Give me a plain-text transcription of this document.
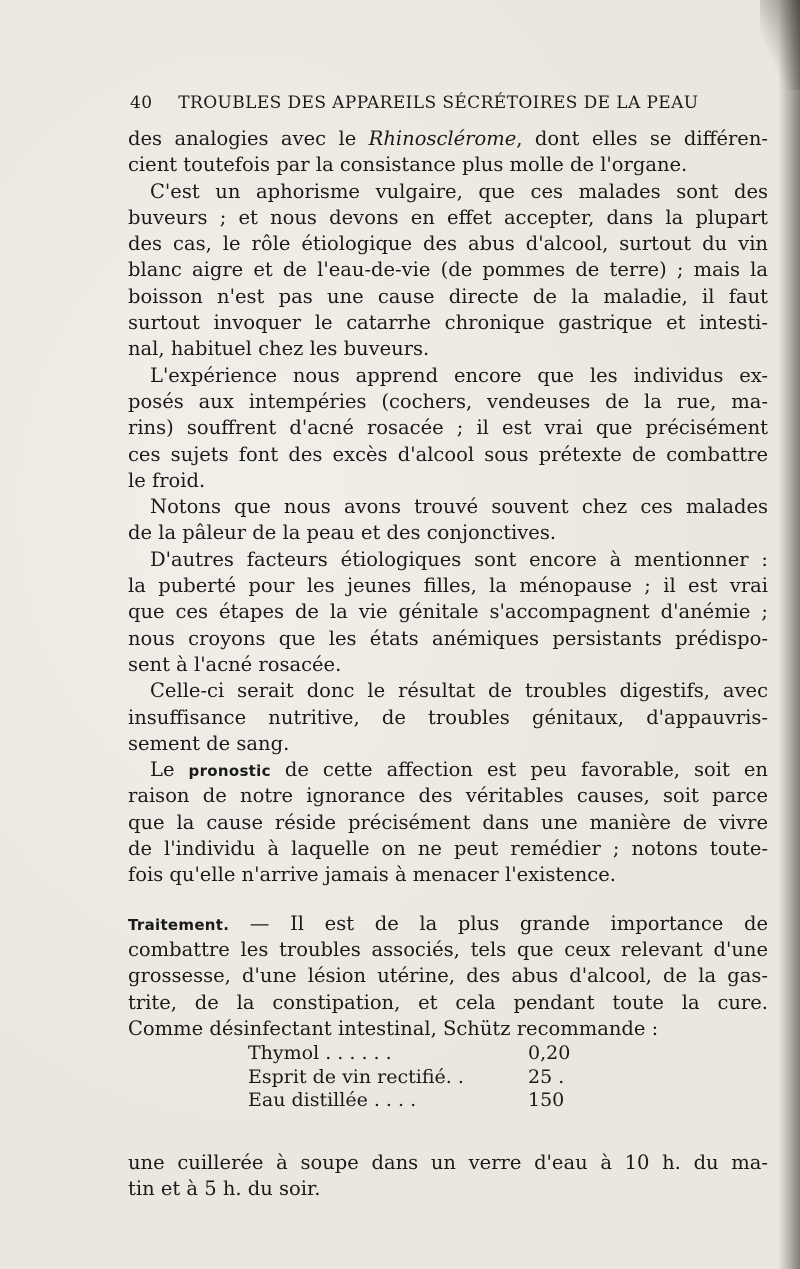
40 TROUBLES DES APPAREILS SÉCRÉTOIRES DE LA PEAU
des analogies avec le Rhinosclérome, dont elles se différen-
cient toutefois par la consistance plus molle de l'organe.
C'est un aphorisme vulgaire, que ces malades sont des
buveurs ; et nous devons en effet accepter, dans la plupart
des cas, le rôle étiologique des abus d'alcool, surtout du vin
blanc aigre et de l'eau-de-vie (de pommes de terre) ; mais la
boisson n'est pas une cause directe de la maladie, il faut
surtout invoquer le catarrhe chronique gastrique et intesti-
nal, habituel chez les buveurs.
L'expérience nous apprend encore que les individus ex-
posés aux intempéries (cochers, vendeuses de la rue, ma-
rins) souffrent d'acné rosacée ; il est vrai que précisément
ces sujets font des excès d'alcool sous prétexte de combattre
le froid.
Notons que nous avons trouvé souvent chez ces malades
de la pâleur de la peau et des conjonctives.
D'autres facteurs étiologiques sont encore à mentionner :
la puberté pour les jeunes filles, la ménopause ; il est vrai
que ces étapes de la vie génitale s'accompagnent d'anémie ;
nous croyons que les états anémiques persistants prédispo-
sent à l'acné rosacée.
Celle-ci serait donc le résultat de troubles digestifs, avec
insuffisance nutritive, de troubles génitaux, d'appauvris-
sement de sang.
Le pronostic de cette affection est peu favorable, soit en
raison de notre ignorance des véritables causes, soit parce
que la cause réside précisément dans une manière de vivre
de l'individu à laquelle on ne peut remédier ; notons toute-
fois qu'elle n'arrive jamais à menacer l'existence.
Traitement. — Il est de la plus grande importance de
combattre les troubles associés, tels que ceux relevant d'une
grossesse, d'une lésion utérine, des abus d'alcool, de la gas-
trite, de la constipation, et cela pendant toute la cure.
Comme désinfectant intestinal, Schütz recommande :
Thymol . . . . . .	0,20
Esprit de vin rectifié. .	25 .
Eau distillée . . . .	150
une cuillerée à soupe dans un verre d'eau à 10 h. du ma-
tin et à 5 h. du soir.
